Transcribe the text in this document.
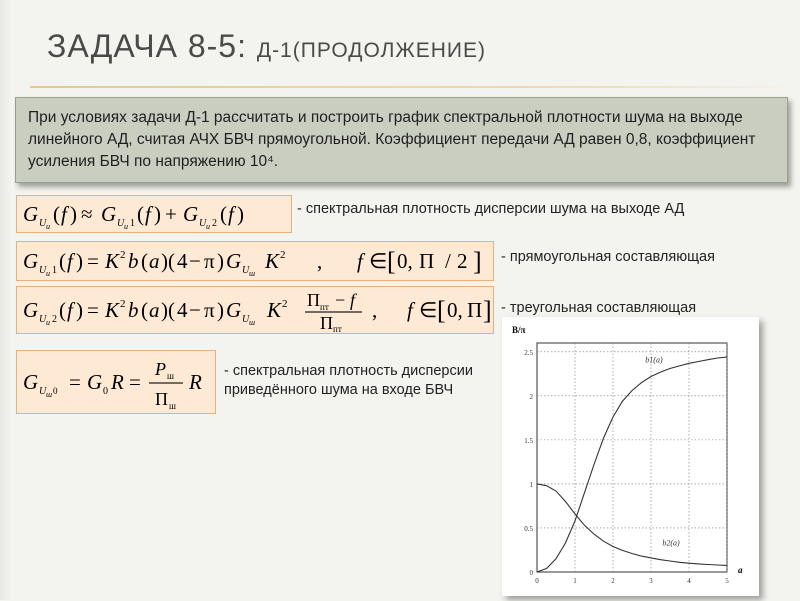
ЗАДАЧА 8-5: Д-1(ПРОДОЛЖЕНИЕ)
При условиях задачи Д-1 рассчитать и построить график спектральной плотности шума на выходе линейного АД, считая АЧХ БВЧ прямоугольной. Коэффициент передачи АД равен 0,8, коэффициент усиления БВЧ по напряжению 10⁴.
G U u
( f ) ≈ G U u 1 ( f ) + G U u 2 ( f )	- спектральная плотность дисперсии шума на выходе АД
G U u 1 ( f ) = K 2 b ( a )( 4 − π ) G U ш
K 2 , f ∈ [ 0, П / 2 ] - прямоугольная составляющая
G U u 2 ( f ) = K 2 b ( a )( 4 − π ) G U ш
K 2 П пт − f
П пт
, f ∈ [ 0, П ] - треугольная составляющая
G U ш 0 = G 0 R =
P ш
П ш
R - спектральная плотность дисперсии приведённого шума на входе БВЧ
0	1	2	3	4	5
0
0.5
1
1.5
2
2.5
b1(a)
b2(a)
B/π
a
